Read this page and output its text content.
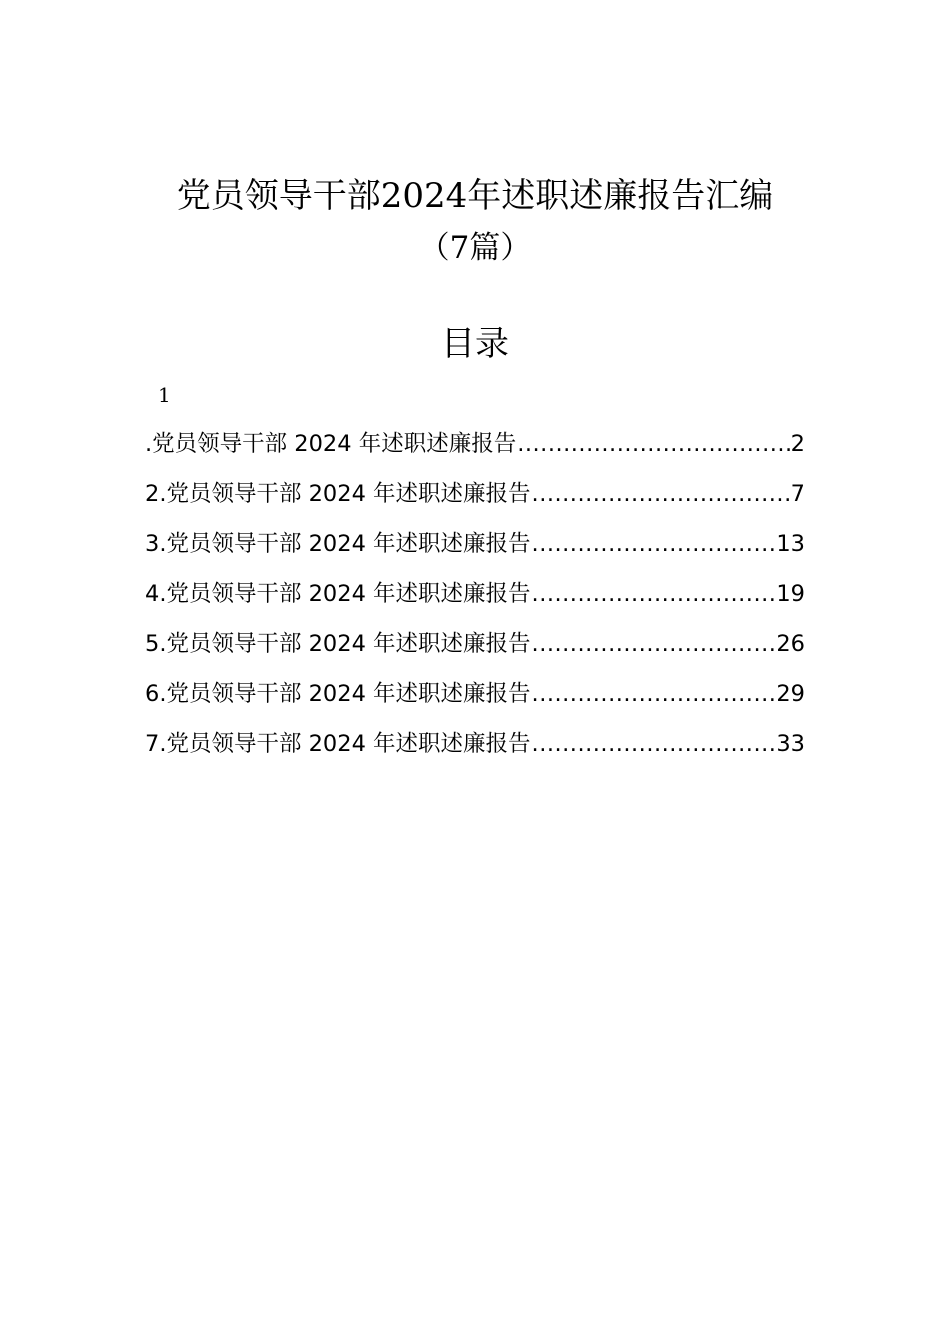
党员领导干部2024年述职述廉报告汇编
（7篇）
目录
1
.党员领导干部 2024 年述职述廉报告 .....	2
2.党员领导干部 2024 年述职述廉报告 .....	7
3.党员领导干部 2024 年述职述廉报告 .....	13
4.党员领导干部 2024 年述职述廉报告 .....	19
5.党员领导干部 2024 年述职述廉报告 .....	26
6.党员领导干部 2024 年述职述廉报告 .....	29
7.党员领导干部 2024 年述职述廉报告 .....	33
